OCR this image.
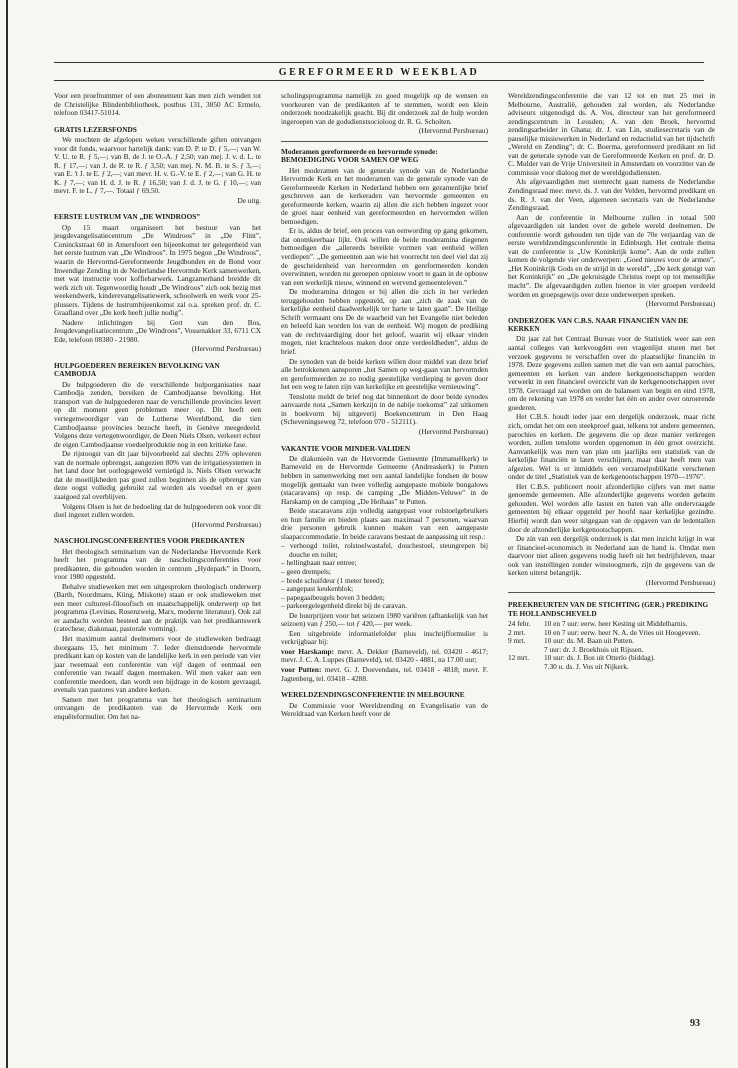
GEREFORMEERD WEEKBLAD

Voor een proefnummer of een abonnement kan men zich wenden tot de Christelijke Blindenbibliotheek, postbus 131, 3850 AC Ermelo, telefoon 03417-51014.

GRATIS LEZERSFONDS

We mochten de afgelopen weken verschillende giften ontvangen voor dit fonds, waarvoor hartelijk dank: van D. P. te D. ƒ 5,—; van W. V. U. te R. ƒ 5,—; van B. de J. te O.-A. ƒ 2,50; van mej. J. v. d. L. te R. ƒ 17,—; van J. de R. te R. ƒ 3,50; van mej. N. M. B. te S. ƒ 3,—; van E. 't J. te E. ƒ 2,—; van mevr. H. v. G.-V. te E. ƒ 2,—; van G. H. te K. ƒ 7,—; van H. d. J. te R. ƒ 16,50; van J. d. J. te G. ƒ 10,—; van mevr. F. te L. ƒ 7,—. Totaal ƒ 69,50.

De uitg.

EERSTE LUSTRUM VAN „DE WINDROOS”

Op 15 maart organiseert het bestuur van het jeugdevangelisatiecentrum „De Windroos” in „De Flint”, Coninckstraat 60 in Amersfoort een bijeenkomst ter gelegenheid van het eerste lustrum van „De Windroos”. In 1975 begon „De Windroos”, waarin de Hervormd-Gereformeerde Jeugdbonden en de Bond voor Inwendige Zending in de Nederlandse Hervormde Kerk samenwerken, met wat instructie voor koffiebarwerk. Langzamerhand breidde dit werk zich uit. Tegenwoordig houdt „De Windroos” zich ook bezig met weekendwerk, kinderevangelisatiewerk, schoolwerk en werk voor 25-plussers. Tijdens de lustrumbijeenkomst zal o.a. spreken prof. dr. C. Graafland over „De kerk heeft jullie nodig”.

Nadere inlichtingen bij Gert van den Bos, Jeugdevangelisatiecentrum „De Windroos”, Vossenakker 33, 6711 CX Ede, telefoon 08380 - 21980.

(Hervormd Persbureau)

HULPGOEDEREN BEREIKEN BEVOLKING VAN CAMBODJA

De hulpgoederen die de verschillende hulporganisaties naar Cambodja zenden, bereiken de Cambodjaanse bevolking. Het transport van de hulpgoederen naar de verschillende provincies levert op dit moment geen problemen meer op. Dit heeft een vertegenwoordiger van de Lutherse Wereldbond, die tien Cambodjaanse provincies bezocht heeft, in Genève meegedeeld. Volgens deze vertegenwoordiger, de Deen Niels Olsen, verkeert echter de eigen Cambodjaanse voedselproduktie nog in een kritieke fase.

De rijstoogst van dit jaar bijvoorbeeld zal slechts 25% opleveren van de normale opbrengst, aangezien 80% van de irrigatiesystemen in het land door het oorlogsgeweld vernietigd is. Niels Olsen verwacht dat de moeilijkheden pas goed zullen beginnen als de opbrengst van deze oogst volledig gebruikt zal worden als voedsel en er geen zaaigoed zal overblijven.

Volgens Olsen is het de bedoeling dat de hulpgoederen ook voor dit doel ingezet zullen worden.

(Hervormd Persbureau)

NASCHOLINGSCONFERENTIES VOOR PREDIKANTEN

Het theologisch seminarium van de Nederlandse Hervormde Kerk heeft het programma van de nascholingsconferenties voor predikanten, die gehouden worden in centrum „Hydepark” in Doorn, voor 1980 opgesteld.

Behalve studieweken met een uitgesproken theologisch onderwerp (Barth, Noordmans, Küng, Miskotte) staan er ook studieweken met een meer cultureel-filosofisch en maatschappelijk onderwerp op het programma (Levinas, Rosenzweig, Marx, moderne literatuur). Ook zal er aandacht worden besteed aan de praktijk van het predikantswerk (catechese, diakonaat, pastorale vorming).

Het maximum aantal deelnemers voor de studieweken bedraagt doorgaans 15, het minimum 7. Ieder dienstdoende hervormde predikant kan op kosten van de landelijke kerk in een periode van vier jaar tweemaal een conferentie van vijf dagen of eenmaal een conferentie van twaalf dagen meemaken. Wil men vaker aan een conferentie meedoen, dan wordt een bijdrage in de kosten gevraagd, evenals van pastores van andere kerken.

Samen met het programma van het theologisch seminarium ontvangen de predikanten van de Hervormde Kerk een enquêteformulier. Om het na-

scholingsprogramma namelijk zo goed mogelijk op de wensen en voorkeuren van de predikanten af te stemmen, wordt een klein onderzoek noodzakelijk geacht. Bij dit onderzoek zal de hulp worden ingeroepen van de godsdienstsocioloog dr. R. G. Scholten.

(Hervormd Persbureau)

Moderamen gereformeerde en hervormde synode: BEMOEDIGING VOOR SAMEN OP WEG

Het moderamen van de generale synode van de Nederlandse Hervormde Kerk en het moderamen van de generale synode van de Gereformeerde Kerken in Nederland hebben een gezamenlijke brief geschreven aan de kerkeraden van hervormde gemeenten en gereformeerde kerken, waarin zij allen die zich hebben ingezet voor de groei naar eenheid van gereformeerden en hervormden willen bemoedigen.

Er is, aldus de brief, een proces van eenwording op gang gekomen, dat onomkeerbaar lijkt. Ook willen de beide moderamina diegenen bemoedigen die „allereeds bereikte vormen van eenheid willen verdiepen”. „De gemeenten aan wie het voorrecht ten deel viel dat zij de gescheidenheid van hervormden en gereformeerden konden overwinnen, worden nu geroepen opnieuw voort te gaan in de opbouw van een werkelijk nieuw, winnend en wervend gemeenteleven.”

De moderamina dringen er bij allen die zich in het verleden teruggehouden hebben opgesteld, op aan „zich de zaak van de kerkelijke eenheid daadwerkelijk ter harte te laten gaan”. De Heilige Schrift vermaant ons De de waarheid van het Evangelie niet beleden en beleefd kan worden los van de eenheid. Wij mogen de prediking van de rechtvaardiging door het geloof, waarin wij elkaar vinden mogen, niet krachteloos maken door onze verdeeldheden”, aldus de brief.

De synoden van de beide kerken willen door middel van deze brief alle betrokkenen aansporen „het Samen op weg-gaan van hervormden en gereformeerden ze zo nodig geestelijke verdieping te geven door het een weg te laten zijn van kerkelijke en geestelijke vernieuwing”.

Tenslotte meldt de brief nog dat binnenkort de door beide synodes aanvaarde nota „Samen kerkzijn in de nabije toekomst” zal uitkomen in boekvorm bij uitgeverij Boekencentrum in Den Haag (Scheveningseweg 72, telefoon 070 - 512111).

(Hervormd Persbureau)

VAKANTIE VOOR MINDER-VALIDEN

De diakonieën van de Hervormde Gemeente (Immanuëlkerk) te Barneveld en de Hervormde Gemeente (Andreaskerk) te Putten hebben in samenwerking met een aantal landelijke fondsen de bouw mogelijk gemaakt van twee volledig aangepaste mobiele bungalows (stacaravans) op resp. de camping „De Midden-Veluwe” in de Harskamp en de camping „De Heihaas” te Putten.

Beide stacaravans zijn volledig aangepast voor rolstoelgebruikers en hun familie en bieden plaats aan maximaal 7 personen, waarvan drie personen gebruik kunnen maken van een aangepaste slaapaccommodatie. In beide caravans bestaat de aanpassing uit resp.:

– verhoogd toilet, rolstoelwastafel, douchestoel, steungrepen bij douche en toilet;
– hellingbaan naar entree;
– geen drempels;
– brede schuifdeur (1 meter breed);
– aangepast keukenblok;
– papegaaibeugels boven 3 bedden;
– parkeergelegenheid direkt bij de caravan.

De huurprijzen voor het seizoen 1980 variëren (afhankelijk van het seizoen) van ƒ 250,— tot ƒ 420,— per week.

Een uitgebreide informatiefolder plus inschrijfformulier is verkrijgbaar bij:

voor Harskamp: mevr. A. Dekker (Barneveld), tel. 03420 - 4617; mevr. J. C. A. Luppes (Barneveld), tel. 03420 - 4881, na 17.00 uur;

voor Putten: mevr. G. J. Doevendans, tel. 03418 - 4818; mevr. F. Jagtenberg, tel. 03418 - 4288.

WERELDZENDINGSCONFERENTIE IN MELBOURNE

De Commissie voor Wereldzending en Evangelisatie van de Wereldraad van Kerken heeft voor de

Wereldzendingsconferentie die van 12 tot en met 25 mei in Melbourne, Australië, gehouden zal worden, als Nederlandse adviseurs uitgenodigd ds. A. Vos, directeur van het gereformeerd zendingscentrum in Leusden; A. van den Broek, hervormd zendingsarbeider in Ghana; dr. J. van Lin, studiesecretaris van de pauselijke missiewerken in Nederland en redactielid van het tijdschrift „Wereld en Zending”; dr. C. Boerma, gereformeerd predikant en lid van de generale synode van de Gereformeerde Kerken en prof. dr. D. C. Mulder van de Vrije Universiteit in Amsterdam en voorzitter van de commissie voor dialoog met de wereldgodsdiensten.

Als afgevaardigden met stemrecht gaan namens de Nederlandse Zendingsraad mee: mevr. ds. J. van der Velden, hervormd predikant en ds. R. J. van der Veen, algemeen secretaris van de Nederlandse Zendingsraad.

Aan de conferentie in Melbourne zullen in totaal 500 afgevaardigden uit landen over de gehele wereld deelnemen. De conferentie wordt gehouden ten tijde van de 70e verjaardag van de eerste wereldzendingsconferentie in Edinburgh. Het centrale thema van de conferentie is „Uw Koninkrijk kome”. Aan de orde zullen komen de volgende vier onderwerpen: „Goed nieuws voor de armen”, „Het Koninkrijk Gods en de strijd in de wereld”, „De kerk getuigt van het Koninkrijk” en „De gekruisigde Christus roept op tot menselijke macht”. De afgevaardigden zullen hiertoe in vier groepen verdeeld worden en groepsgewijs over deze onderwerpen spreken.

(Hervormd Persbureau)

ONDERZOEK VAN C.B.S. NAAR FINANCIËN VAN DE KERKEN

Dit jaar zal het Centraal Bureau voor de Statistiek weer aan een aantal colleges van kerkvoogden een vragenlijst sturen met het verzoek gegevens te verschaffen over de plaatselijke financiën in 1978. Deze gegevens zullen samen met die van een aantal parochies, gemeenten en kerken van andere kerkgenootschappen worden verwerkt in een financieel overzicht van de kerkgenootschappen over 1978. Gevraagd zal worden om de balansen van begin en eind 1978, om de rekening van 1978 en verder het één en ander over onroerende goederen.

Het C.B.S. houdt ieder jaar een dergelijk onderzoek, maar richt zich, omdat het om een steekproef gaat, telkens tot andere gemeenten, parochies en kerken. De gegevens die op deze manier verkregen worden, zullen tenslotte worden opgenomen in één groot overzicht. Aanvankelijk was men van plan om jaarlijks een statistiek van de kerkelijke financiën te laten verschijnen, maar daar heeft men van afgezien. Wel is er inmiddels een verzamelpublikatie verschenen onder de titel „Statistiek van de kerkgenootschappen 1970—1976”.

Het C.B.S. publiceert nooit afzonderlijke cijfers van met name genoemde gemeenten. Alle afzonderlijke gegevens worden geheim gehouden. Wel worden alle lasten en baten van alle ondervraagde gemeenten bij elkaar opgeteld per hoofd naar kerkelijke gezindte. Hierbij wordt dan weer uitgegaan van de opgaven van de ledentallen door de afzonderlijke kerkgenootschappen.

De zin van een dergelijk onderzoek is dat men inzicht krijgt in wat er financieel-economisch in Nederland aan de hand is. Omdat men daarvoor niet alleen gegevens nodig heeft uit het bedrijfsleven, maar ook van instellingen zonder winstoogmerk, zijn de gegevens van de kerken uiterst belangrijk.

(Hervormd Persbureau)

PREEKBEURTEN VAN DE STICHTING (GER.) PREDIKING TE HOLLANDSCHEVELD
24 febr.	10 en 7 uur: eerw. heer Kesting uit Middelharnis.
2 mrt.	10 en 7 uur: eerw. heer N. A. de Vries uit Hoogeveen.
9 mrt.	10 uur: ds. M. Baan uit Putten.
7 uur: dr. J. Broekhuis uit Rijssen.
12 mrt.	10 uur: ds. J. Bos uit Otterlo (biddag).
7.30 u. ds. J. Vos uit Nijkerk.
93
